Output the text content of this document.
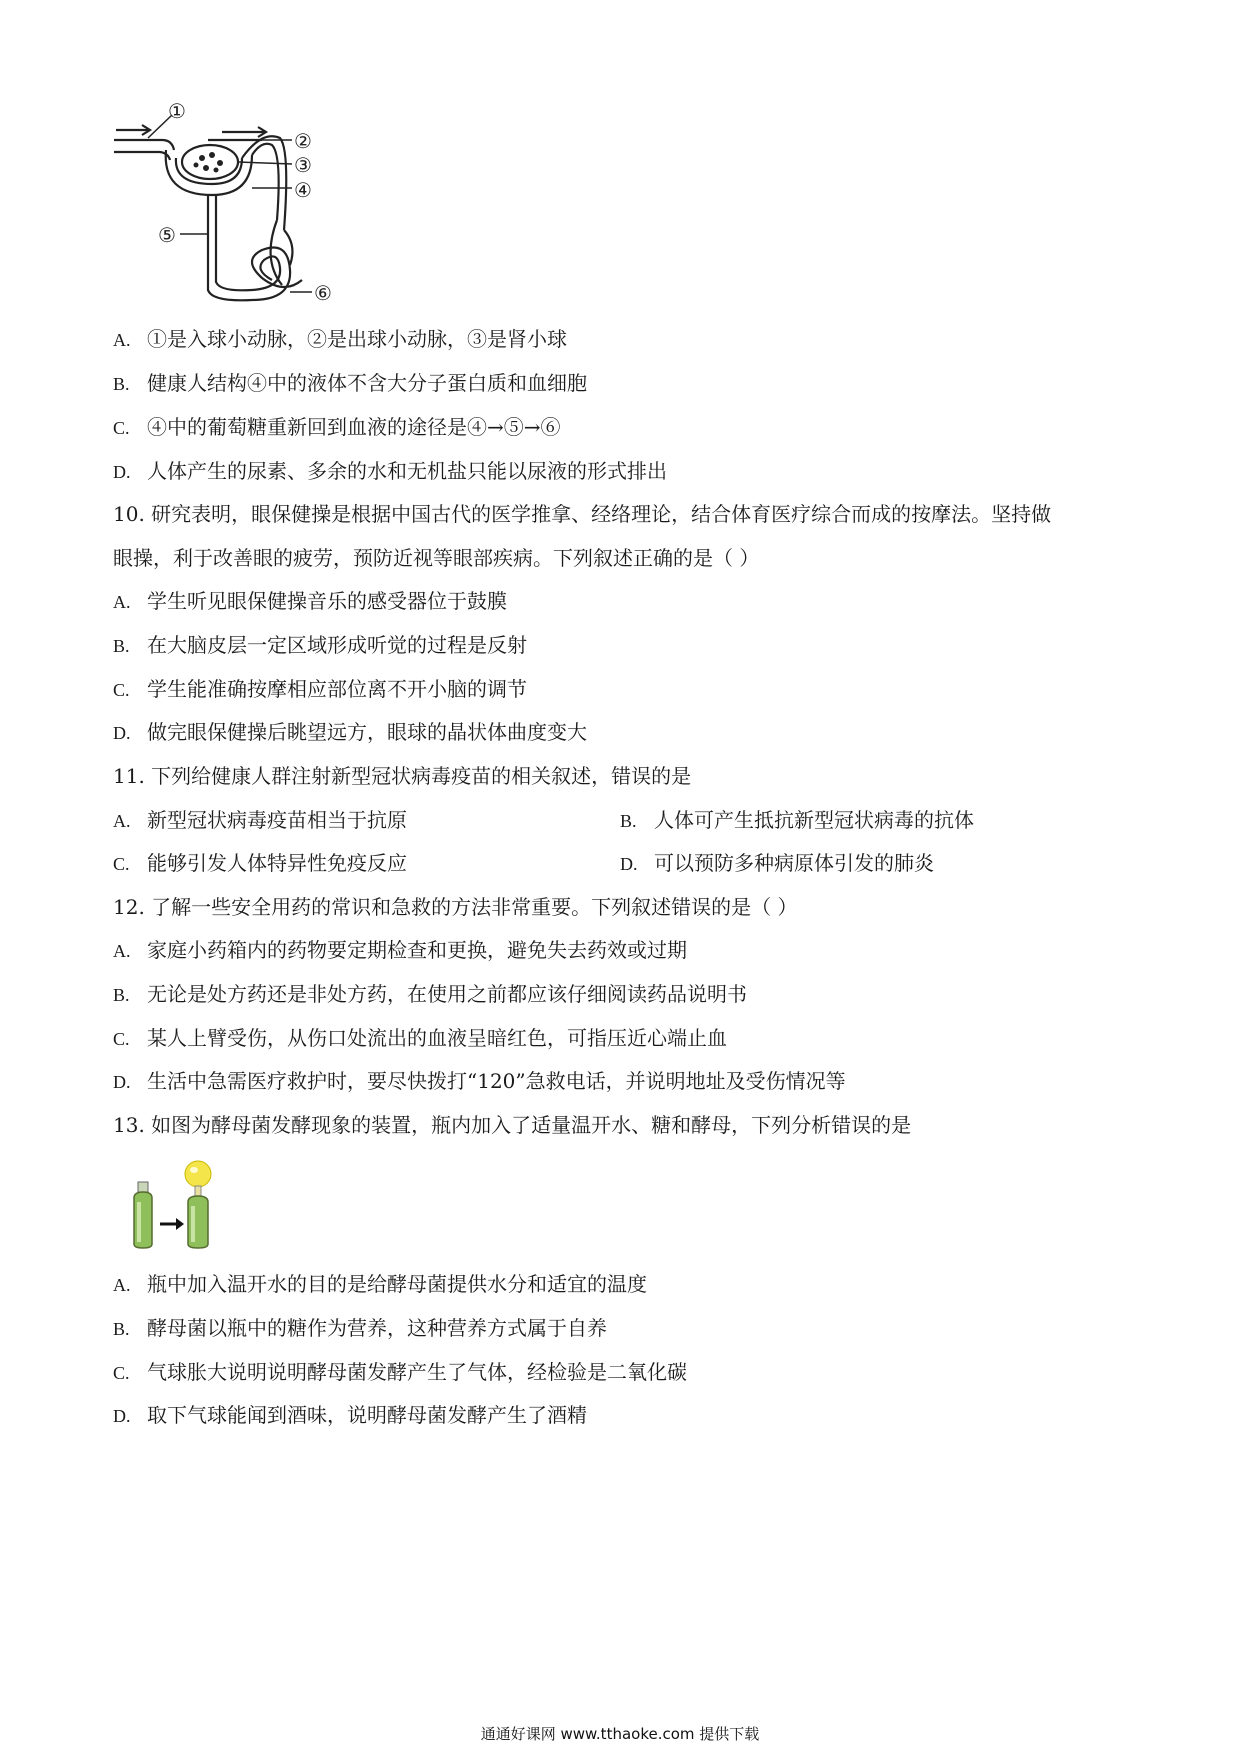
①
②
③
④
⑤
⑥
A. ①是入球小动脉，②是出球小动脉，③是肾小球
B. 健康人结构④中的液体不含大分子蛋白质和血细胞
C. ④中的葡萄糖重新回到血液的途径是④→⑤→⑥
D. 人体产生的尿素、多余的水和无机盐只能以尿液的形式排出
10. 研究表明，眼保健操是根据中国古代的医学推拿、经络理论，结合体育医疗综合而成的按摩法。坚持做
眼操，利于改善眼的疲劳，预防近视等眼部疾病。下列叙述正确的是（ ）
A. 学生听见眼保健操音乐的感受器位于鼓膜
B. 在大脑皮层一定区域形成听觉的过程是反射
C. 学生能准确按摩相应部位离不开小脑的调节
D. 做完眼保健操后眺望远方，眼球的晶状体曲度变大
11. 下列给健康人群注射新型冠状病毒疫苗的相关叙述，错误的是
A. 新型冠状病毒疫苗相当于抗原	B. 人体可产生抵抗新型冠状病毒的抗体
C. 能够引发人体特异性免疫反应	D. 可以预防多种病原体引发的肺炎
12. 了解一些安全用药的常识和急救的方法非常重要。下列叙述错误的是（ ）
A. 家庭小药箱内的药物要定期检查和更换，避免失去药效或过期
B. 无论是处方药还是非处方药，在使用之前都应该仔细阅读药品说明书
C. 某人上臂受伤，从伤口处流出的血液呈暗红色，可指压近心端止血
D. 生活中急需医疗救护时，要尽快拨打“120”急救电话，并说明地址及受伤情况等
13. 如图为酵母菌发酵现象的装置，瓶内加入了适量温开水、糖和酵母，下列分析错误的是
A. 瓶中加入温开水的目的是给酵母菌提供水分和适宜的温度
B. 酵母菌以瓶中的糖作为营养，这种营养方式属于自养
C. 气球胀大说明说明酵母菌发酵产生了气体，经检验是二氧化碳
D. 取下气球能闻到酒味，说明酵母菌发酵产生了酒精
通通好课网 www.tthaoke.com 提供下载
